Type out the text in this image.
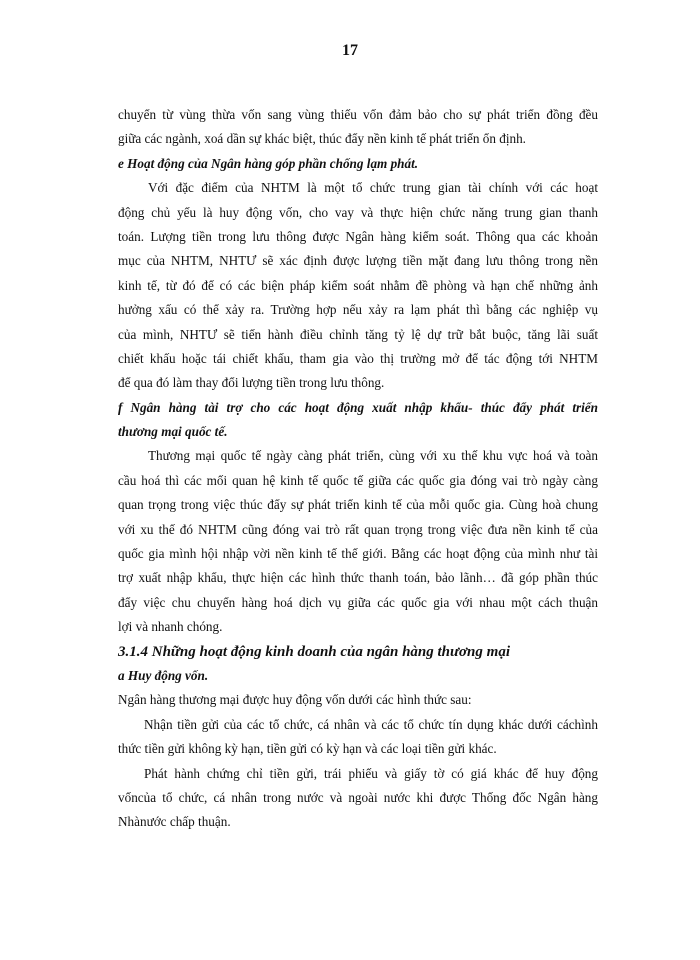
17
chuyển từ vùng thừa vốn sang vùng thiếu vốn đảm bảo cho sự phát triển đồng đều
giữa các ngành, xoá dần sự khác biệt, thúc đẩy nền kinh tế phát triển ổn định.
e Hoạt động của Ngân hàng góp phần chống lạm phát.
Với đặc điểm của NHTM là một tổ chức trung gian tài chính với các hoạt
động chủ yếu là huy động vốn, cho vay và thực hiện chức năng trung gian thanh
toán. Lượng tiền trong lưu thông được Ngân hàng kiểm soát. Thông qua các khoản
mục của NHTM, NHTƯ sẽ xác định được lượng tiền mặt đang lưu thông trong nền
kinh tế, từ đó để có các biện pháp kiểm soát nhằm đề phòng và hạn chế những ảnh
hưởng xấu có thể xảy ra. Trường hợp nếu xảy ra lạm phát thì bằng các nghiệp vụ
của mình, NHTƯ sẽ tiến hành điều chỉnh tăng tỷ lệ dự trữ bắt buộc, tăng lãi suất
chiết khấu hoặc tái chiết khấu, tham gia vào thị trường mở để tác động tới NHTM
để qua đó làm thay đổi lượng tiền trong lưu thông.
f Ngân hàng tài trợ cho các hoạt động xuất nhập khẩu- thúc đẩy phát triển
thương mại quốc tế.
Thương mại quốc tế ngày càng phát triển, cùng với xu thế khu vực hoá và toàn
cầu hoá thì các mối quan hệ kinh tế quốc tế giữa các quốc gia đóng vai trò ngày càng
quan trọng trong việc thúc đẩy sự phát triển kinh tế của mỗi quốc gia. Cùng hoà chung
với xu thế đó NHTM cũng đóng vai trò rất quan trọng trong việc đưa nền kinh tế của
quốc gia mình hội nhập vời nền kinh tế thế giới. Bằng các hoạt động của mình như tài
trợ xuất nhập khẩu, thực hiện các hình thức thanh toán, bảo lãnh… đã góp phần thúc
đẩy việc chu chuyển hàng hoá dịch vụ giữa các quốc gia với nhau một cách thuận
lợi và nhanh chóng.
3.1.4 Những hoạt động kinh doanh của ngân hàng thương mại
a Huy động vốn.
Ngân hàng thương mại được huy động vốn dưới các hình thức sau:
Nhận tiền gửi của các tổ chức, cá nhân và các tổ chức tín dụng khác dưới cáchình
thức tiền gửi không kỳ hạn, tiền gửi có kỳ hạn và các loại tiền gửi khác.
Phát hành chứng chỉ tiền gửi, trái phiếu và giấy tờ có giá khác để huy động
vốncủa tổ chức, cá nhân trong nước và ngoài nước khi được Thống đốc Ngân hàng
Nhànước chấp thuận.
